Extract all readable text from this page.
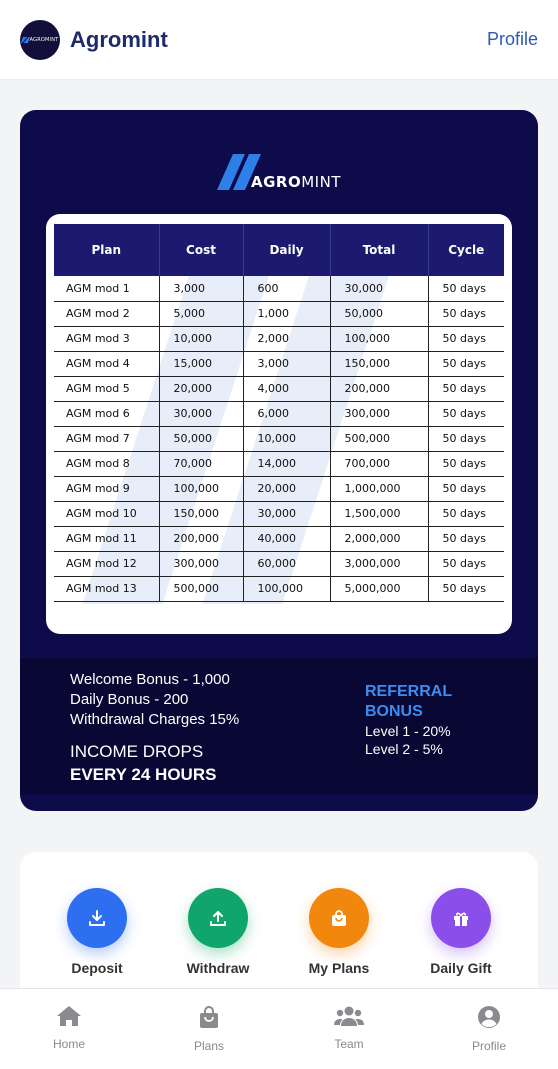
AGROMINT Agromint	Profile
AGROMINT
Plan	Cost	Daily	Total	Cycle
AGM mod 1	3,000	600	30,000	50 days
AGM mod 2	5,000	1,000	50,000	50 days
AGM mod 3	10,000	2,000	100,000	50 days
AGM mod 4	15,000	3,000	150,000	50 days
AGM mod 5	20,000	4,000	200,000	50 days
AGM mod 6	30,000	6,000	300,000	50 days
AGM mod 7	50,000	10,000	500,000	50 days
AGM mod 8	70,000	14,000	700,000	50 days
AGM mod 9	100,000	20,000	1,000,000	50 days
AGM mod 10	150,000	30,000	1,500,000	50 days
AGM mod 11	200,000	40,000	2,000,000	50 days
AGM mod 12	300,000	60,000	3,000,000	50 days
AGM mod 13	500,000	100,000	5,000,000	50 days
Welcome Bonus - 1,000
Daily Bonus - 200
Withdrawal Charges 15%
INCOME DROPS
EVERY 24 HOURS
REFERRAL
BONUS
Level 1 - 20%
Level 2 - 5%
Deposit	Withdraw	My Plans	Daily Gift
Home	Plans	Team	Profile
